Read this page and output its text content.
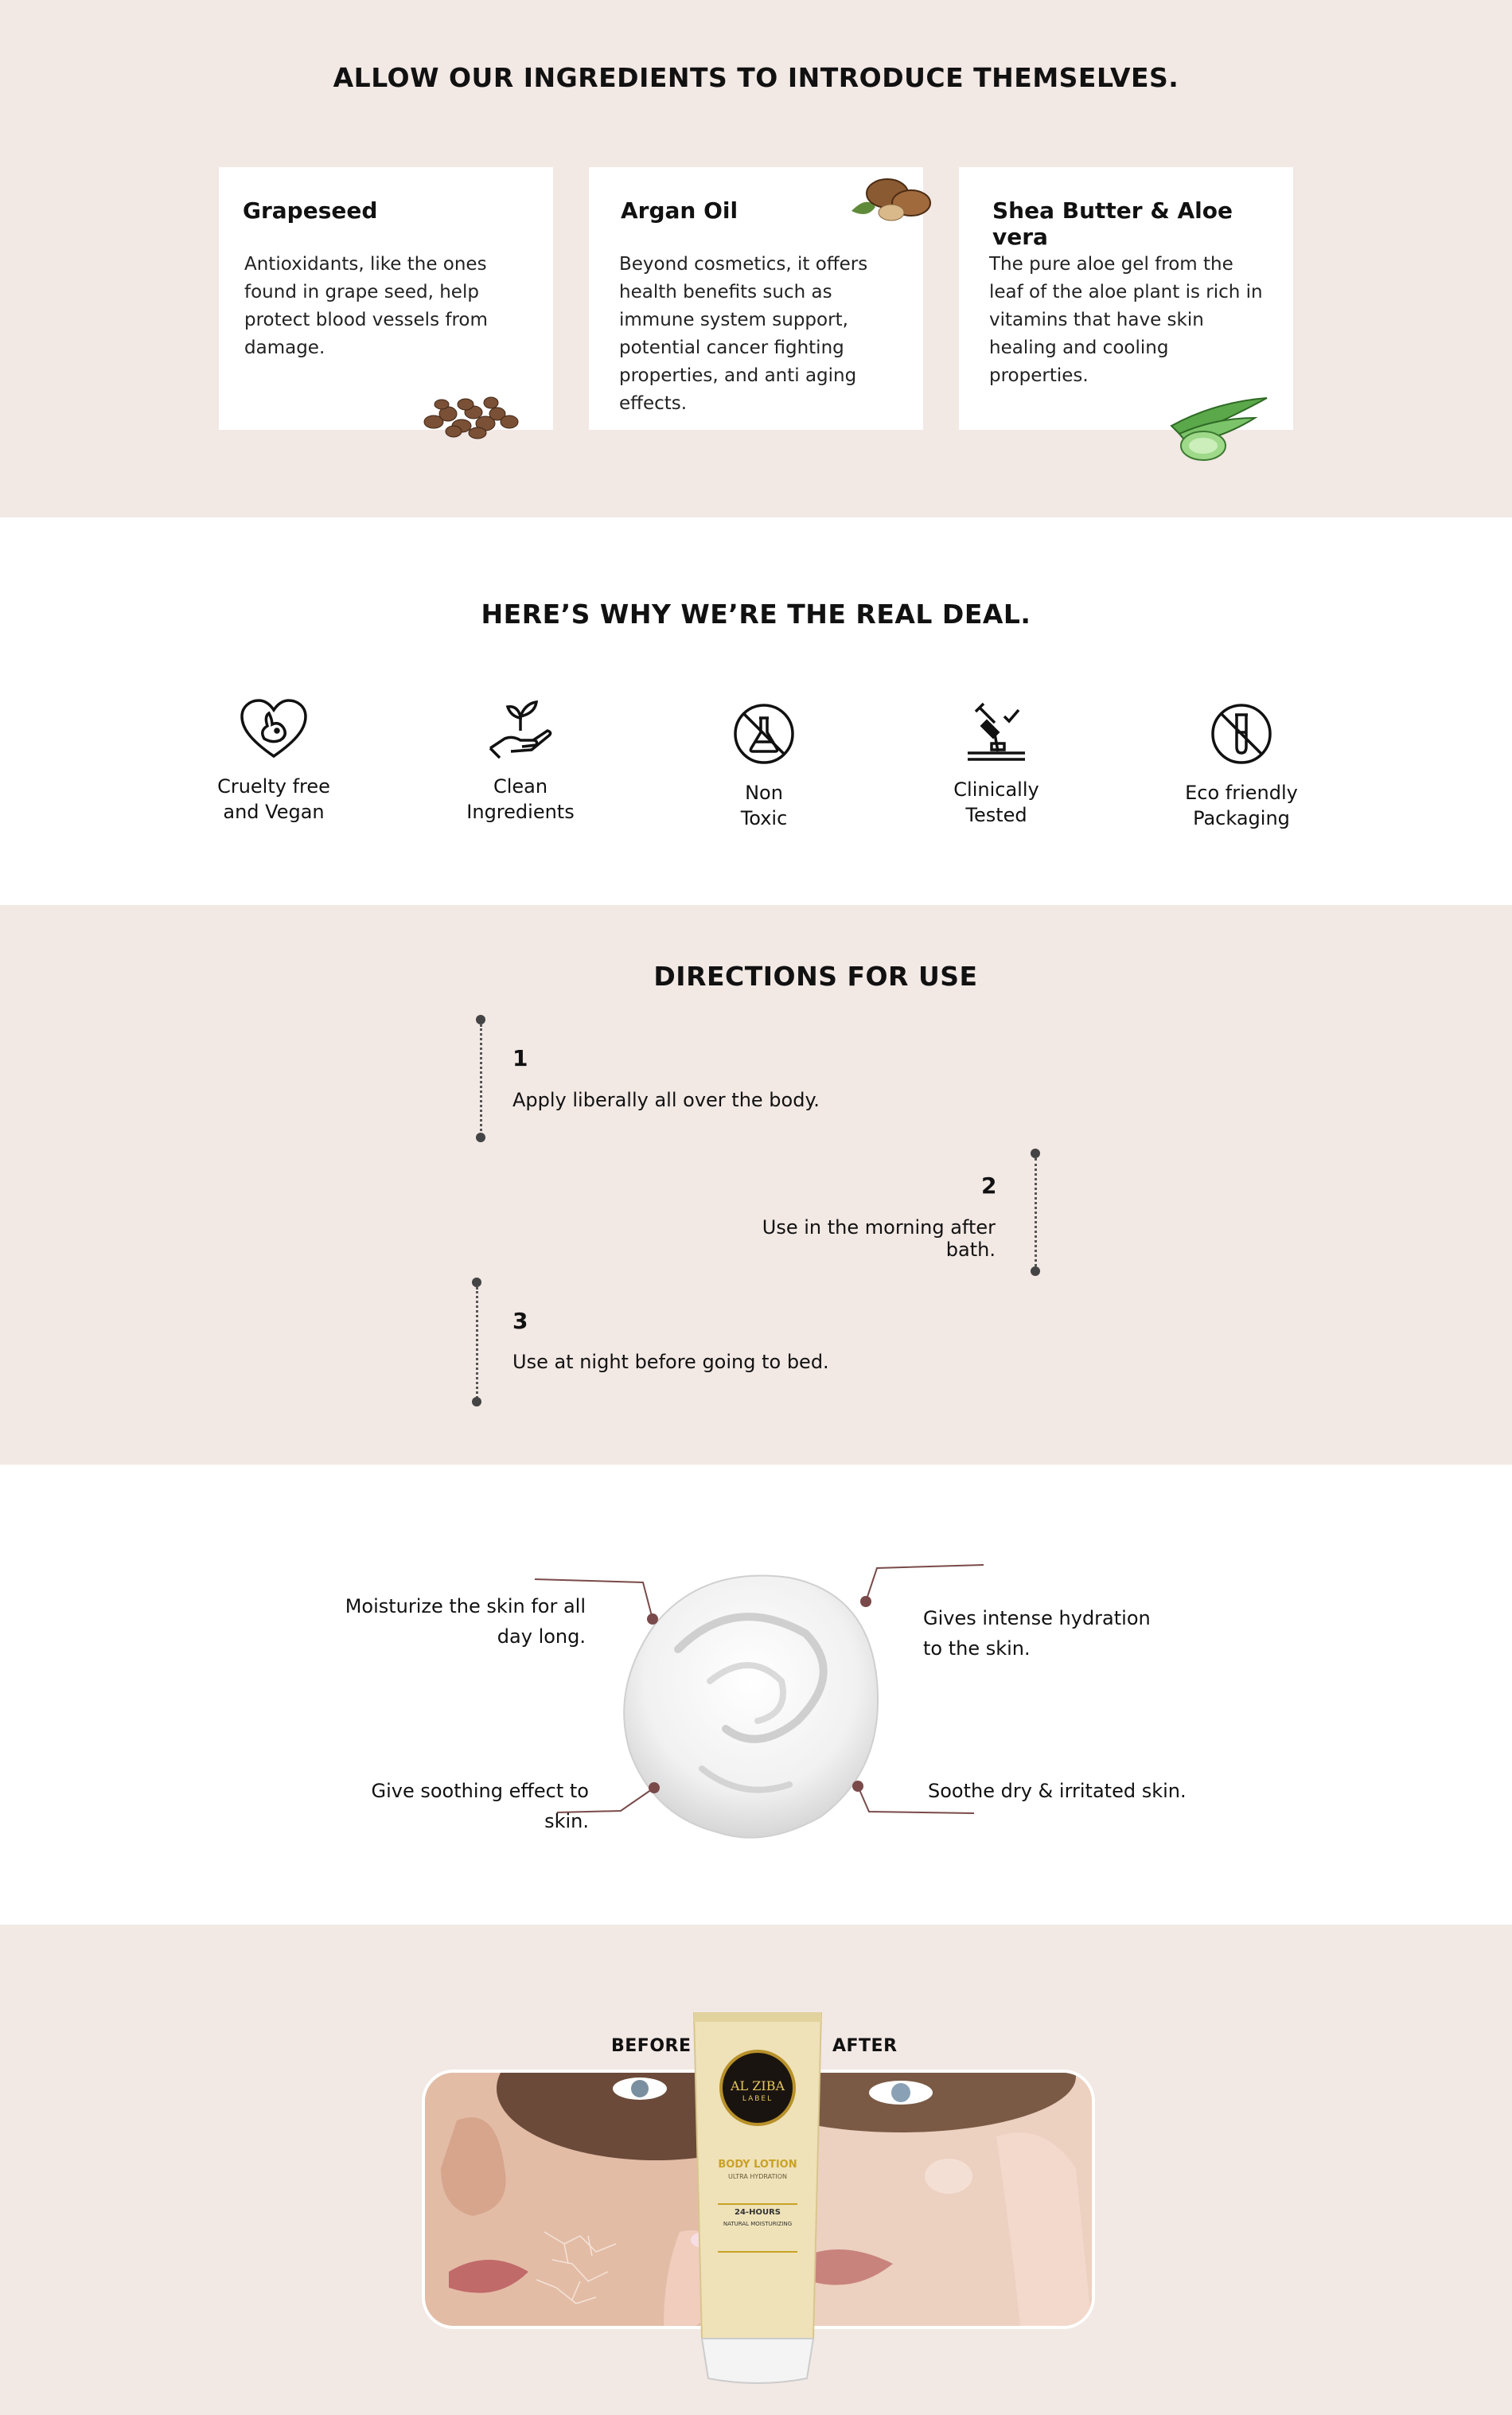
ALLOW OUR INGREDIENTS TO INTRODUCE THEMSELVES.
Grapeseed
Antioxidants, like the ones found in grape seed, help protect blood vessels from damage.
Argan Oil
Beyond cosmetics, it offers health benefits such as immune system support, potential cancer fighting properties, and anti aging effects.
Shea Butter & Aloe vera
The pure aloe gel from the leaf of the aloe plant is rich in vitamins that have skin healing and cooling properties.
HERE’S WHY WE’RE THE REAL DEAL.
Cruelty free
and Vegan
Clean
Ingredients
Non
Toxic
Clinically
Tested
Eco friendly
Packaging
DIRECTIONS FOR USE
1
Apply liberally all over the body.
2
Use in the morning after bath.
3
Use at night before going to bed.
Moisturize the skin for all day long.
Gives intense hydration to the skin.
Give soothing effect to skin.
Soothe dry & irritated skin.
BEFORE	AFTER
AL ZIBA
LABEL
BODY LOTION
ULTRA HYDRATION
24-HOURS
NATURAL MOISTURIZING
